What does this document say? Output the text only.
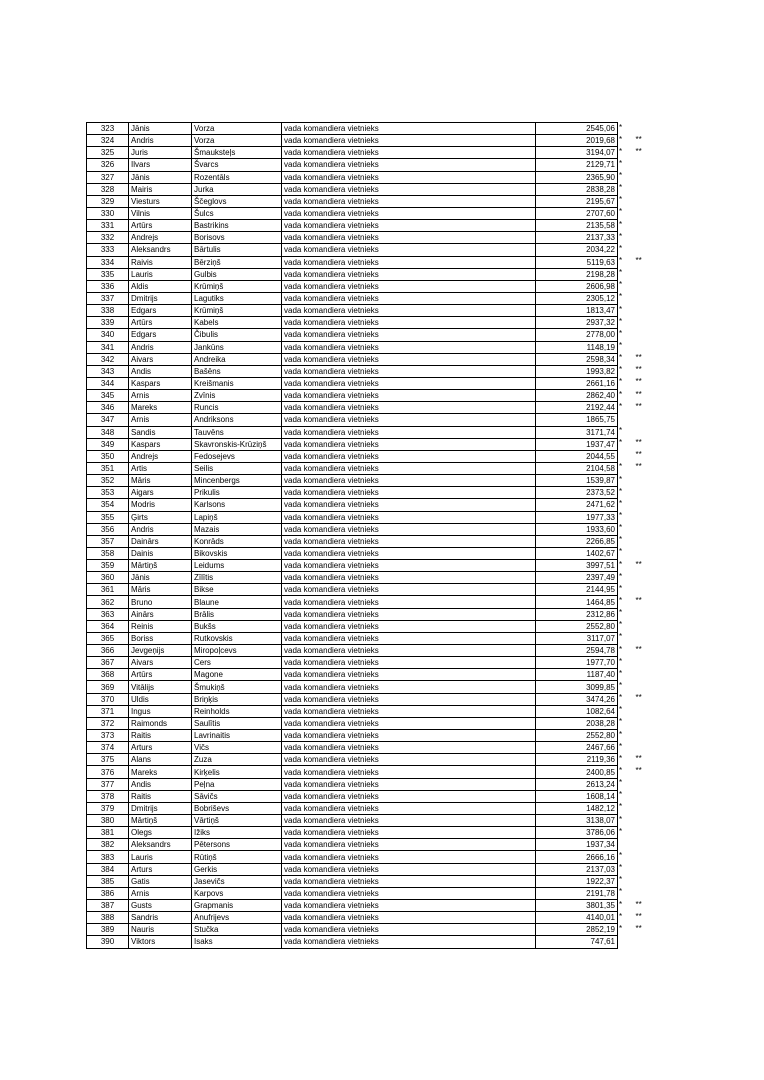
323	Jānis	Vorza	vada komandiera vietnieks	2545,06	*	
324	Andris	Vorza	vada komandiera vietnieks	2019,68	*	**
325	Juris	Šmauksteļs	vada komandiera vietnieks	3194,07	*	**
326	Ilvars	Švarcs	vada komandiera vietnieks	2129,71	*	
327	Jānis	Rozentāls	vada komandiera vietnieks	2365,90	*	
328	Mairis	Jurka	vada komandiera vietnieks	2838,28	*	
329	Viesturs	Ščeglovs	vada komandiera vietnieks	2195,67	*	
330	Vilnis	Šulcs	vada komandiera vietnieks	2707,60	*	
331	Artūrs	Bastrikins	vada komandiera vietnieks	2135,58	*	
332	Andrejs	Borisovs	vada komandiera vietnieks	2137,33	*	
333	Aleksandrs	Bārtulis	vada komandiera vietnieks	2034,22	*	
334	Raivis	Bērziņš	vada komandiera vietnieks	5119,63	*	**
335	Lauris	Gulbis	vada komandiera vietnieks	2198,28	*	
336	Aldis	Krūmiņš	vada komandiera vietnieks	2606,98	*	
337	Dmitrijs	Lagutiks	vada komandiera vietnieks	2305,12	*	
338	Edgars	Krūmiņš	vada komandiera vietnieks	1813,47	*	
339	Artūrs	Kabels	vada komandiera vietnieks	2937,32	*	
340	Edgars	Čibulis	vada komandiera vietnieks	2778,00	*	
341	Andris	Jankūns	vada komandiera vietnieks	1148,19	*	
342	Aivars	Andreika	vada komandiera vietnieks	2598,34	*	**
343	Andis	Bašēns	vada komandiera vietnieks	1993,82	*	**
344	Kaspars	Kreišmanis	vada komandiera vietnieks	2661,16	*	**
345	Arnis	Zvīnis	vada komandiera vietnieks	2862,40	*	**
346	Mareks	Runcis	vada komandiera vietnieks	2192,44	*	**
347	Arnis	Andriksons	vada komandiera vietnieks	1865,75		
348	Sandis	Tauvēns	vada komandiera vietnieks	3171,74	*	
349	Kaspars	Skavronskis-Krūziņš	vada komandiera vietnieks	1937,47	*	**
350	Andrejs	Fedosejevs	vada komandiera vietnieks	2044,55		**
351	Artis	Seilis	vada komandiera vietnieks	2104,58	*	**
352	Māris	Mincenbergs	vada komandiera vietnieks	1539,87	*	
353	Aigars	Prikulis	vada komandiera vietnieks	2373,52	*	
354	Modris	Karlsons	vada komandiera vietnieks	2471,62	*	
355	Ģirts	Lapiņš	vada komandiera vietnieks	1977,33	*	
356	Andris	Mazais	vada komandiera vietnieks	1933,60	*	
357	Dainārs	Konrāds	vada komandiera vietnieks	2266,85	*	
358	Dainis	Bikovskis	vada komandiera vietnieks	1402,67	*	
359	Mārtiņš	Leidums	vada komandiera vietnieks	3997,51	*	**
360	Jānis	Zīlītis	vada komandiera vietnieks	2397,49	*	
361	Māris	Bikse	vada komandiera vietnieks	2144,95	*	
362	Bruno	Blaune	vada komandiera vietnieks	1464,85	*	**
363	Ainārs	Brālis	vada komandiera vietnieks	2312,86	*	
364	Reinis	Bukšs	vada komandiera vietnieks	2552,80	*	
365	Boriss	Rutkovskis	vada komandiera vietnieks	3117,07	*	
366	Jevgeņijs	Miropoļcevs	vada komandiera vietnieks	2594,78	*	**
367	Aivars	Cers	vada komandiera vietnieks	1977,70	*	
368	Artūrs	Magone	vada komandiera vietnieks	1187,40	*	
369	Vitālijs	Šmukiņš	vada komandiera vietnieks	3099,85	*	
370	Uldis	Briņķis	vada komandiera vietnieks	3474,26	*	**
371	Ingus	Reinholds	vada komandiera vietnieks	1082,64	*	
372	Raimonds	Saulītis	vada komandiera vietnieks	2038,28	*	
373	Raitis	Lavrinaitis	vada komandiera vietnieks	2552,80	*	
374	Arturs	Vičs	vada komandiera vietnieks	2467,66	*	
375	Alans	Zuza	vada komandiera vietnieks	2119,36	*	**
376	Mareks	Kirķelis	vada komandiera vietnieks	2400,85	*	**
377	Andis	Peļna	vada komandiera vietnieks	2613,24	*	
378	Raitis	Sāvičs	vada komandiera vietnieks	1608,14	*	
379	Dmitrijs	Bobriševs	vada komandiera vietnieks	1482,12	*	
380	Mārtiņš	Vārtiņš	vada komandiera vietnieks	3138,07	*	
381	Olegs	Ižiks	vada komandiera vietnieks	3786,06	*	
382	Aleksandrs	Pētersons	vada komandiera vietnieks	1937,34		
383	Lauris	Rūtiņš	vada komandiera vietnieks	2666,16	*	
384	Arturs	Gerkis	vada komandiera vietnieks	2137,03	*	
385	Gatis	Jasevičs	vada komandiera vietnieks	1922,37	*	
386	Arnis	Karpovs	vada komandiera vietnieks	2191,78	*	
387	Gusts	Grapmanis	vada komandiera vietnieks	3801,35	*	**
388	Sandris	Anufrijevs	vada komandiera vietnieks	4140,01	*	**
389	Nauris	Stučka	vada komandiera vietnieks	2852,19	*	**
390	Viktors	Isaks	vada komandiera vietnieks	747,61		
